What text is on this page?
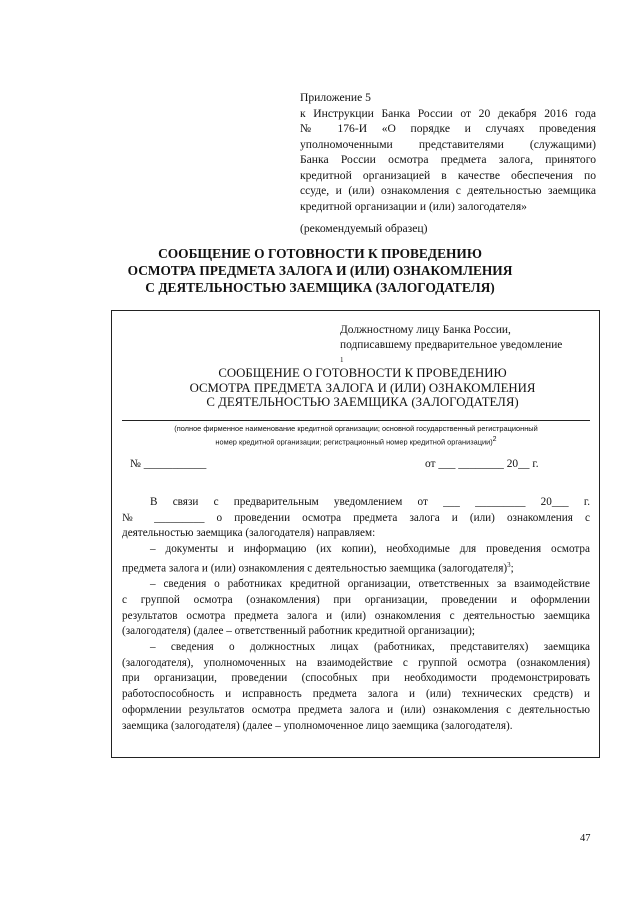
Приложение 5
к Инструкции Банка России от 20 декабря 2016 года
№ 176-И «О порядке и случаях проведения
уполномоченными представителями (служащими)
Банка России осмотра предмета залога, принятого
кредитной организацией в качестве обеспечения по
ссуде, и (или) ознакомления с деятельностью заемщика
кредитной организации и (или) залогодателя»
(рекомендуемый образец)
СООБЩЕНИЕ О ГОТОВНОСТИ К ПРОВЕДЕНИЮ
ОСМОТРА ПРЕДМЕТА ЗАЛОГА И (ИЛИ) ОЗНАКОМЛЕНИЯ
С ДЕЯТЕЛЬНОСТЬЮ ЗАЕМЩИКА (ЗАЛОГОДАТЕЛЯ)
Должностному лицу Банка России,
подписавшему предварительное уведомление
1
СООБЩЕНИЕ О ГОТОВНОСТИ К ПРОВЕДЕНИЮ
ОСМОТРА ПРЕДМЕТА ЗАЛОГА И (ИЛИ) ОЗНАКОМЛЕНИЯ
С ДЕЯТЕЛЬНОСТЬЮ ЗАЕМЩИКА (ЗАЛОГОДАТЕЛЯ)
(полное фирменное наименование кредитной организации; основной государственный регистрационный
номер кредитной организации; регистрационный номер кредитной организации)2
№ ___________	от ___ ________ 20__ г.
В связи с предварительным уведомлением от ___ _________ 20___ г.
№ _________ о проведении осмотра предмета залога и (или) ознакомления с
деятельностью заемщика (залогодателя) направляем:
– документы и информацию (их копии), необходимые для проведения осмотра
предмета залога и (или) ознакомления с деятельностью заемщика (залогодателя)$^3$;
– сведения о работниках кредитной организации, ответственных за взаимодействие
с группой осмотра (ознакомления) при организации, проведении и оформлении
результатов осмотра предмета залога и (или) ознакомления с деятельностью заемщика
(залогодателя) (далее – ответственный работник кредитной организации);
– сведения о должностных лицах (работниках, представителях) заемщика
(залогодателя), уполномоченных на взаимодействие с группой осмотра (ознакомления)
при организации, проведении (способных при необходимости продемонстрировать
работоспособность и исправность предмета залога и (или) технических средств) и
оформлении результатов осмотра предмета залога и (или) ознакомления с деятельностью
заемщика (залогодателя) (далее – уполномоченное лицо заемщика (залогодателя).
47
